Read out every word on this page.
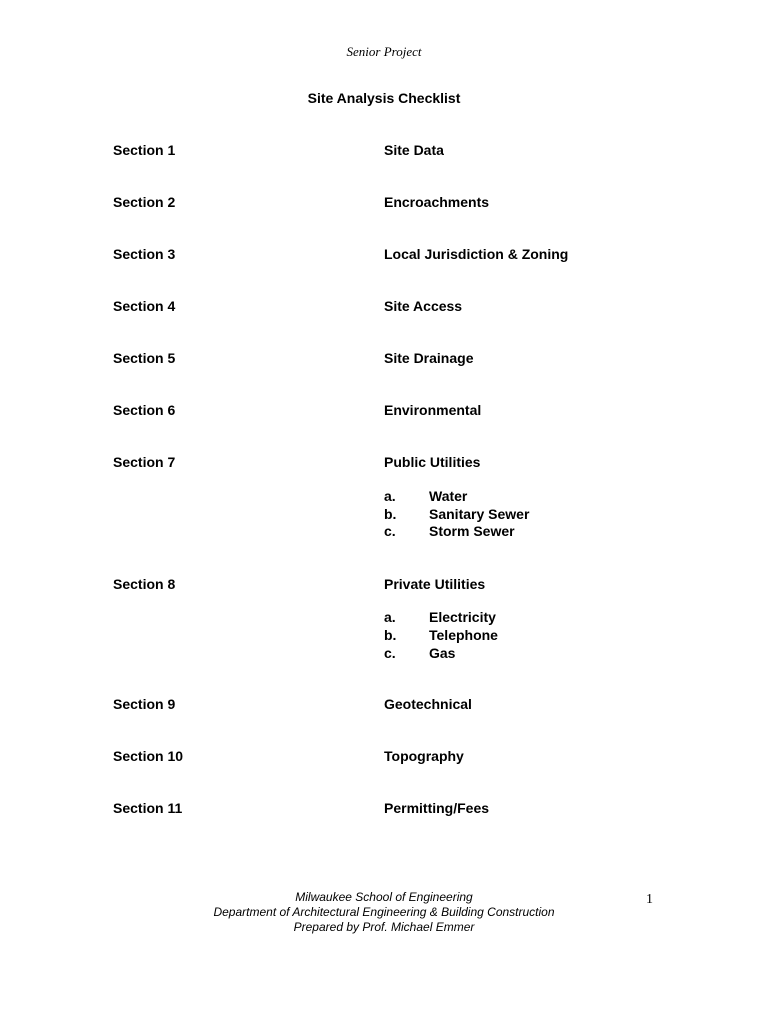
Senior Project
Site Analysis Checklist
Section 1	Site Data
Section 2	Encroachments
Section 3	Local Jurisdiction & Zoning
Section 4	Site Access
Section 5	Site Drainage
Section 6	Environmental
Section 7	Public Utilities
a. Water
b. Sanitary Sewer
c. Storm Sewer
Section 8	Private Utilities
a. Electricity
b. Telephone
c. Gas
Section 9	Geotechnical
Section 10	Topography
Section 11	Permitting/Fees
Milwaukee School of Engineering
Department of Architectural Engineering & Building Construction
Prepared by Prof. Michael Emmer
1
